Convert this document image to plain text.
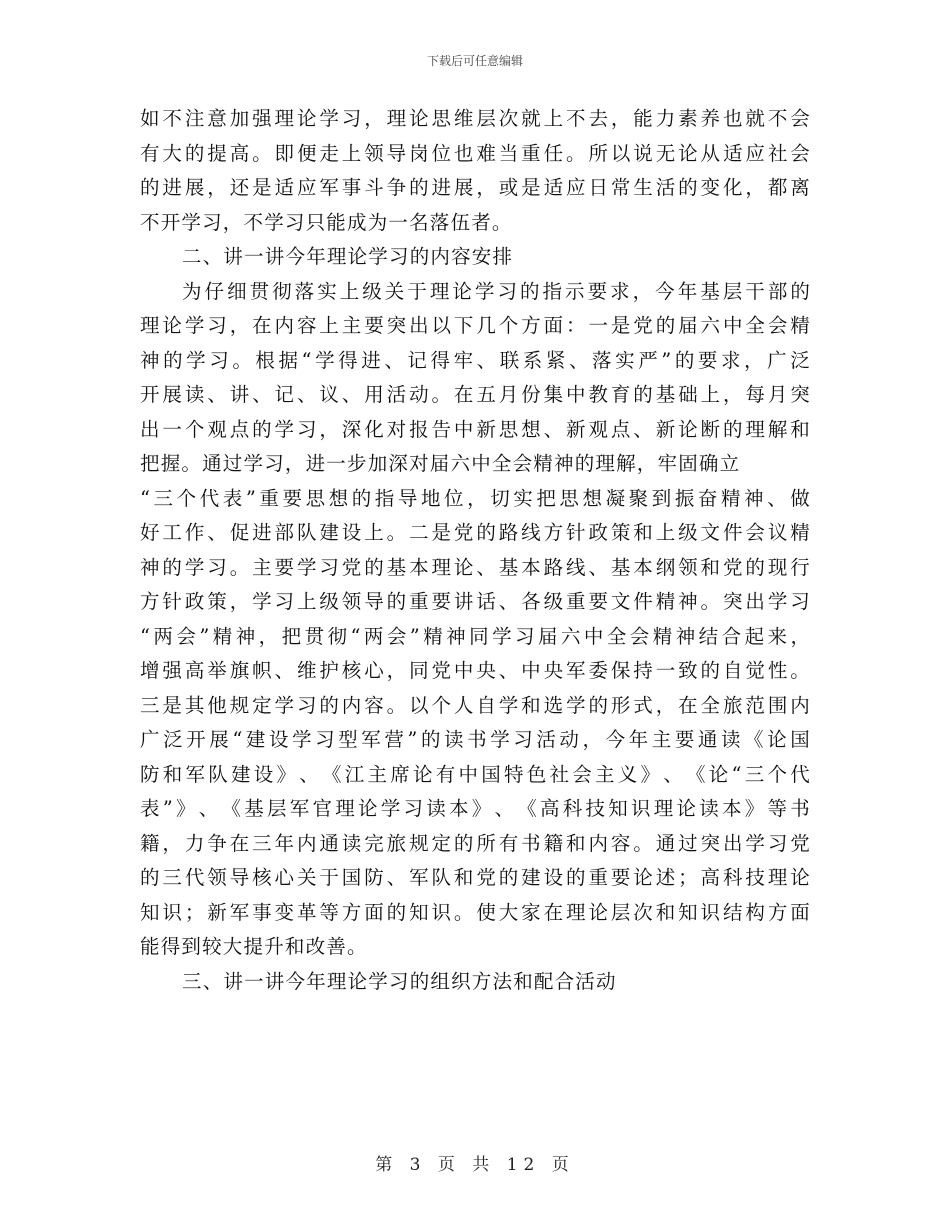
下载后可任意编辑
如 不 注 意 加 强 理 论 学 习 ， 理 论 思 维 层 次 就 上 不 去 ， 能 力 素 养 也 就 不 会
有 大 的 提 高 。 即 便 走 上 领 导 岗 位 也 难 当 重 任 。 所 以 说 无 论 从 适 应 社 会
的 进 展 ， 还 是 适 应 军 事 斗 争 的 进 展 ， 或 是 适 应 日 常 生 活 的 变 化 ， 都 离
不开学习，不学习只能成为一名落伍者。
二、讲一讲今年理论学习的内容安排
为 仔 细 贯 彻 落 实 上 级 关 于 理 论 学 习 的 指 示 要 求 ， 今 年 基 层 干 部 的
理 论 学 习 ， 在 内 容 上 主 要 突 出 以 下 几 个 方 面 ： 一 是 党 的 届 六 中 全 会 精
神 的 学 习 。 根 据 “ 学 得 进 、 记 得 牢 、 联 系 紧 、 落 实 严 ” 的 要 求 ， 广 泛
开 展 读 、 讲 、 记 、 议 、 用 活 动 。 在 五 月 份 集 中 教 育 的 基 础 上 ， 每 月 突
出 一 个 观 点 的 学 习 ， 深 化 对 报 告 中 新 思 想 、 新 观 点 、 新 论 断 的 理 解 和
把握。通过学习，进一步加深对届六中全会精神的理解，牢固确立
“ 三 个 代 表 ” 重 要 思 想 的 指 导 地 位 ， 切 实 把 思 想 凝 聚 到 振 奋 精 神 、 做
好 工 作 、 促 进 部 队 建 设 上 。 二 是 党 的 路 线 方 针 政 策 和 上 级 文 件 会 议 精
神 的 学 习 。 主 要 学 习 党 的 基 本 理 论 、 基 本 路 线 、 基 本 纲 领 和 党 的 现 行
方 针 政 策 ， 学 习 上 级 领 导 的 重 要 讲 话 、 各 级 重 要 文 件 精 神 。 突 出 学 习
“ 两 会 ” 精 神 ， 把 贯 彻 “ 两 会 ” 精 神 同 学 习 届 六 中 全 会 精 神 结 合 起 来 ，
增 强 高 举 旗 帜 、 维 护 核 心 ， 同 党 中 央 、 中 央 军 委 保 持 一 致 的 自 觉 性 。
三 是 其 他 规 定 学 习 的 内 容 。 以 个 人 自 学 和 选 学 的 形 式 ， 在 全 旅 范 围 内
广 泛 开 展 “ 建 设 学 习 型 军 营 ” 的 读 书 学 习 活 动 ， 今 年 主 要 通 读 《 论 国
防 和 军 队 建 设 》 、 《 江 主 席 论 有 中 国 特 色 社 会 主 义 》 、 《 论 “ 三 个 代
表 ” 》 、 《 基 层 军 官 理 论 学 习 读 本 》 、 《 高 科 技 知 识 理 论 读 本 》 等 书
籍 ， 力 争 在 三 年 内 通 读 完 旅 规 定 的 所 有 书 籍 和 内 容 。 通 过 突 出 学 习 党
的 三 代 领 导 核 心 关 于 国 防 、 军 队 和 党 的 建 设 的 重 要 论 述 ； 高 科 技 理 论
知 识 ； 新 军 事 变 革 等 方 面 的 知 识 。 使 大 家 在 理 论 层 次 和 知 识 结 构 方 面
能得到较大提升和改善。
三、讲一讲今年理论学习的组织方法和配合活动
第 3 页 共 12 页
